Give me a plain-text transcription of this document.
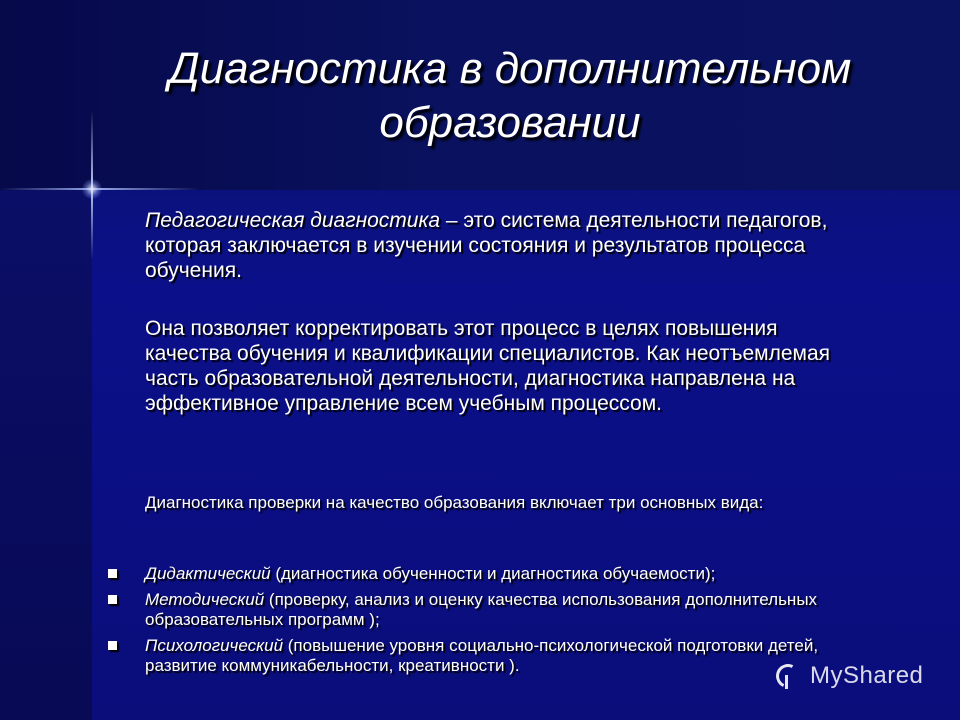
Диагностика в дополнительном образовании

Педагогическая диагностика – это система деятельности педагогов, которая заключается в изучении состояния и результатов процесса обучения.

Она позволяет корректировать этот процесс в целях повышения качества обучения и квалификации специалистов. Как неотъемлемая часть образовательной деятельности, диагностика направлена на эффективное управление всем учебным процессом.

Диагностика проверки на качество образования включает три основных вида:

Дидактический (диагностика обученности и диагностика обучаемости);
Методический (проверку, анализ и оценку качества использования дополнительных образовательных программ );
Психологический (повышение уровня социально-психологической подготовки детей, развитие коммуникабельности, креативности ).	MyShared
